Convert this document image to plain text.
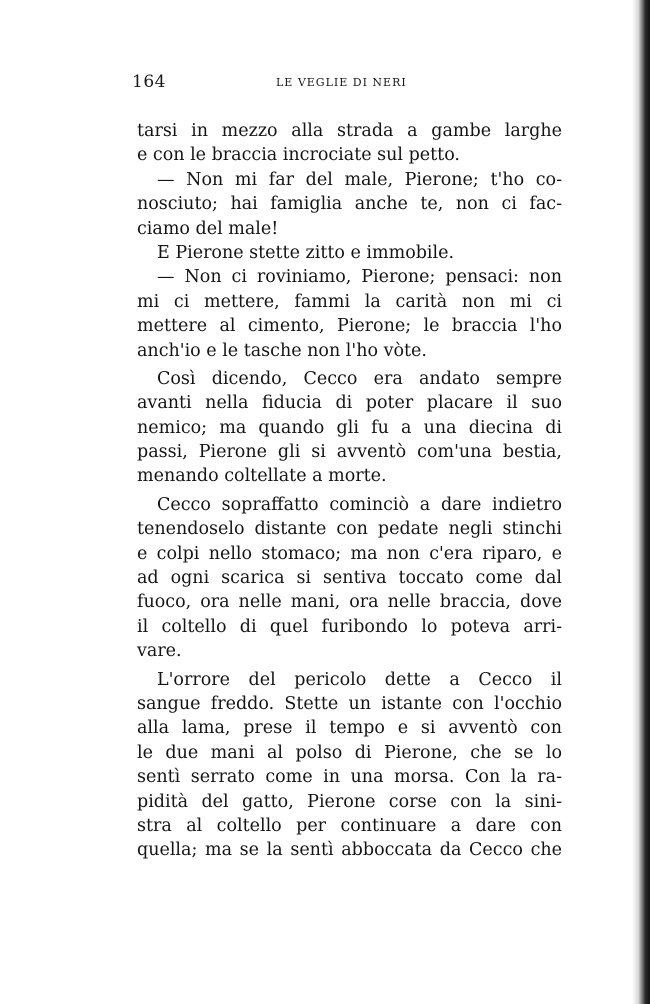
164	LE VEGLIE DI NERI
tarsi in mezzo alla strada a gambe larghe
e con le braccia incrociate sul petto.
— Non mi far del male, Pierone; t'ho co-
nosciuto; hai famiglia anche te, non ci fac-
ciamo del male!
E Pierone stette zitto e immobile.
— Non ci roviniamo, Pierone; pensaci: non
mi ci mettere, fammi la carità non mi ci
mettere al cimento, Pierone; le braccia l'ho
anch'io e le tasche non l'ho vòte.
Così dicendo, Cecco era andato sempre
avanti nella fiducia di poter placare il suo
nemico; ma quando gli fu a una diecina di
passi, Pierone gli si avventò com'una bestia,
menando coltellate a morte.
Cecco sopraffatto cominciò a dare indietro
tenendoselo distante con pedate negli stinchi
e colpi nello stomaco; ma non c'era riparo, e
ad ogni scarica si sentiva toccato come dal
fuoco, ora nelle mani, ora nelle braccia, dove
il coltello di quel furibondo lo poteva arri-
vare.
L'orrore del pericolo dette a Cecco il
sangue freddo. Stette un istante con l'occhio
alla lama, prese il tempo e si avventò con
le due mani al polso di Pierone, che se lo
sentì serrato come in una morsa. Con la ra-
pidità del gatto, Pierone corse con la sini-
stra al coltello per continuare a dare con
quella; ma se la sentì abboccata da Cecco che
